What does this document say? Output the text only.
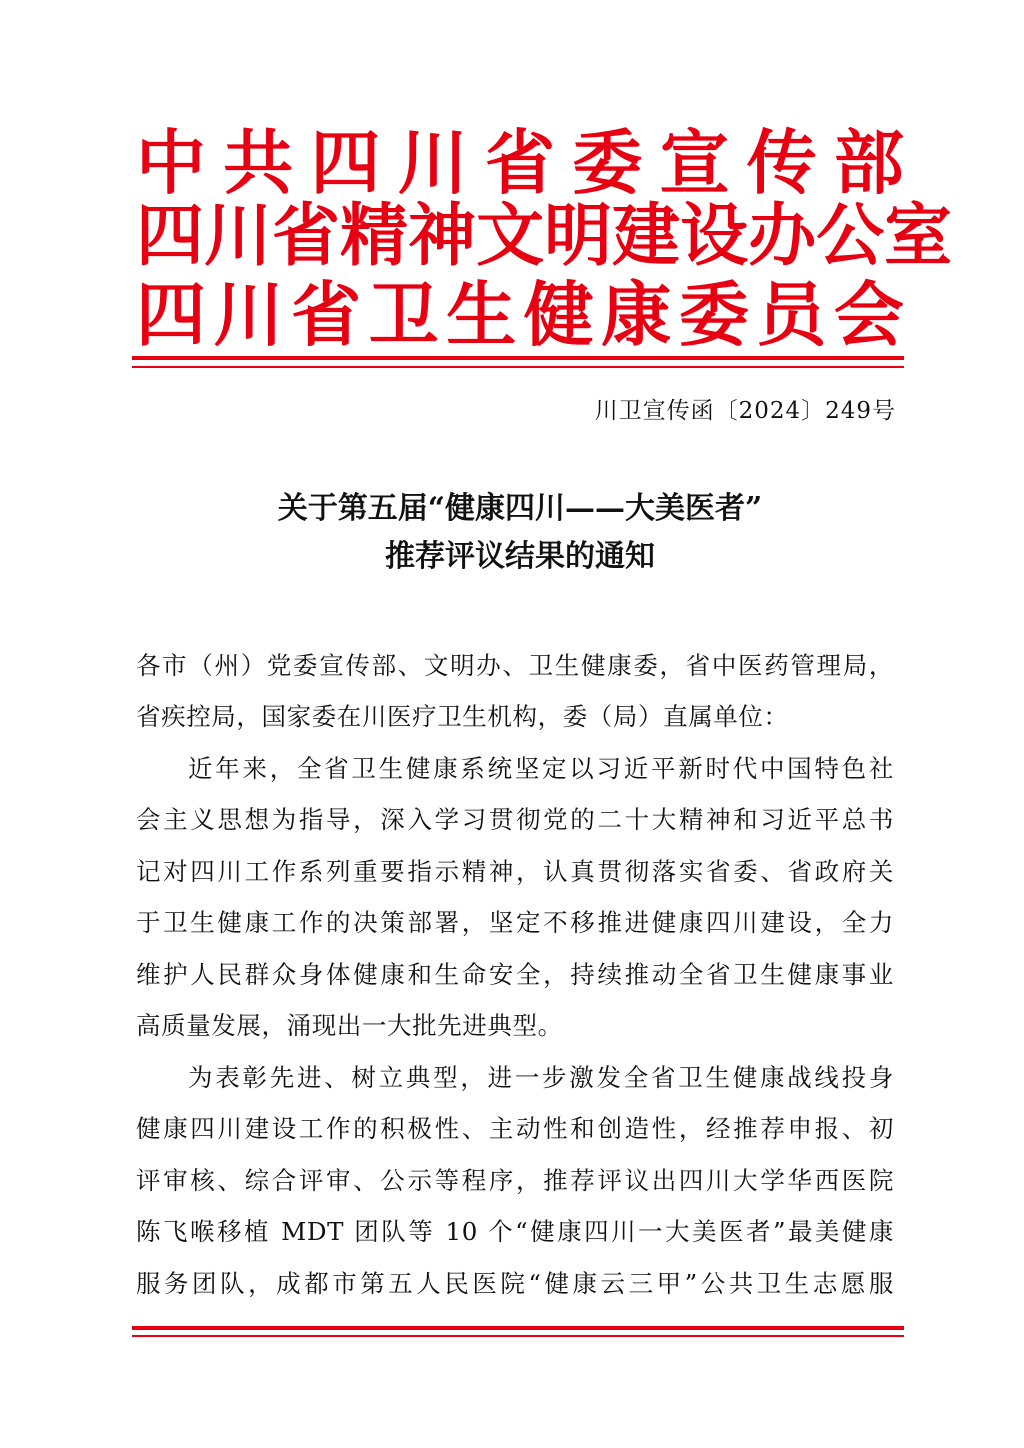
中 共 四 川 省 委 宣 传 部
四 川 省 精 神 文 明 建 设 办 公 室
四 川 省 卫 生 健 康 委 员 会
川卫宣传函〔2024〕249号
关于第五届“健康四川——大美医者”
推荐评议结果的通知
各市（州）党委宣传部、文明办、卫生健康委，省中医药管理局，
省疾控局，国家委在川医疗卫生机构，委（局）直属单位：
近年来，全省卫生健康系统坚定以习近平新时代中国特色社
会主义思想为指导，深入学习贯彻党的二十大精神和习近平总书
记对四川工作系列重要指示精神，认真贯彻落实省委、省政府关
于卫生健康工作的决策部署，坚定不移推进健康四川建设，全力
维护人民群众身体健康和生命安全，持续推动全省卫生健康事业
高质量发展，涌现出一大批先进典型。
为表彰先进、树立典型，进一步激发全省卫生健康战线投身
健康四川建设工作的积极性、主动性和创造性，经推荐申报、初
评审核、综合评审、公示等程序，推荐评议出四川大学华西医院
陈飞喉移植 MDT 团队等 10 个“健康四川一大美医者”最美健康
服务团队，成都市第五人民医院“健康云三甲”公共卫生志愿服
